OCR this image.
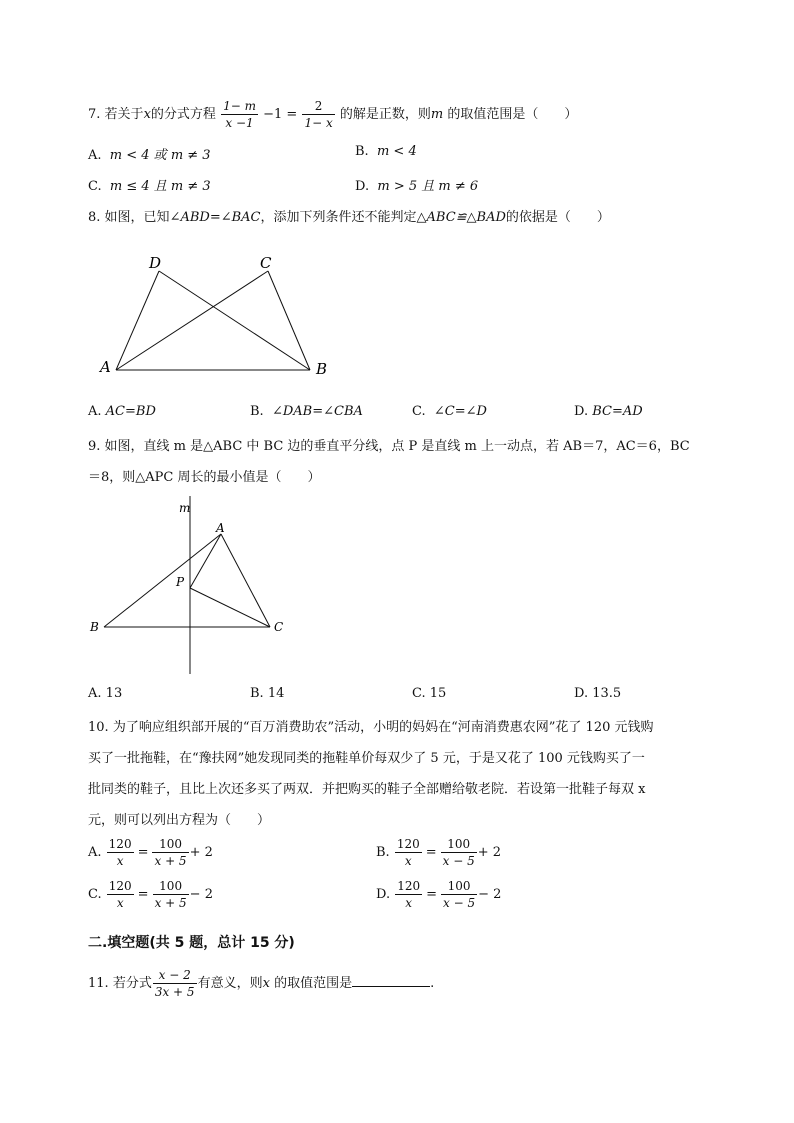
7. 若关于x的分式方程 $\frac{1- m}{x -1} -1 = \frac{2}{1- x}$ 的解是正数，则m 的取值范围是（　　）
A. m < 4 或 m ≠ 3	B. m < 4
C. m ≤ 4 且 m ≠ 3	D. m > 5 且 m ≠ 6
8. 如图，已知∠ABD=∠BAC，添加下列条件还不能判定△ABC≌△BAD的依据是（　　）
D	C
A	B
A. AC=BD	B. ∠DAB=∠CBA	C. ∠C=∠D	D. BC=AD
9. 如图，直线 m 是△ABC 中 BC 边的垂直平分线，点 P 是直线 m 上一动点，若 AB＝7，AC＝6，BC
＝8，则△APC 周长的最小值是（　　）
m
A
P
B	C
A. 13	B. 14	C. 15	D. 13.5
10. 为了响应组织部开展的“百万消费助农”活动，小明的妈妈在“河南消费惠农网”花了 120 元钱购
买了一批拖鞋，在“豫扶网”她发现同类的拖鞋单价每双少了 5 元，于是又花了 100 元钱购买了一
批同类的鞋子，且比上次还多买了两双．并把购买的鞋子全部赠给敬老院．若设第一批鞋子每双 x
元，则可以列出方程为（　　）
A. $\frac{120}{x} = \frac{100}{x + 5} + 2$	B. $\frac{120}{x} = \frac{100}{x - 5} + 2$
C. $\frac{120}{x} = \frac{100}{x + 5} - 2$	D. $\frac{120}{x} = \frac{100}{x - 5} - 2$
二.填空题(共 5 题，总计 15 分)
11. 若分式 $\frac{x - 2}{3x + 5}$ 有意义，则x 的取值范围是	.
